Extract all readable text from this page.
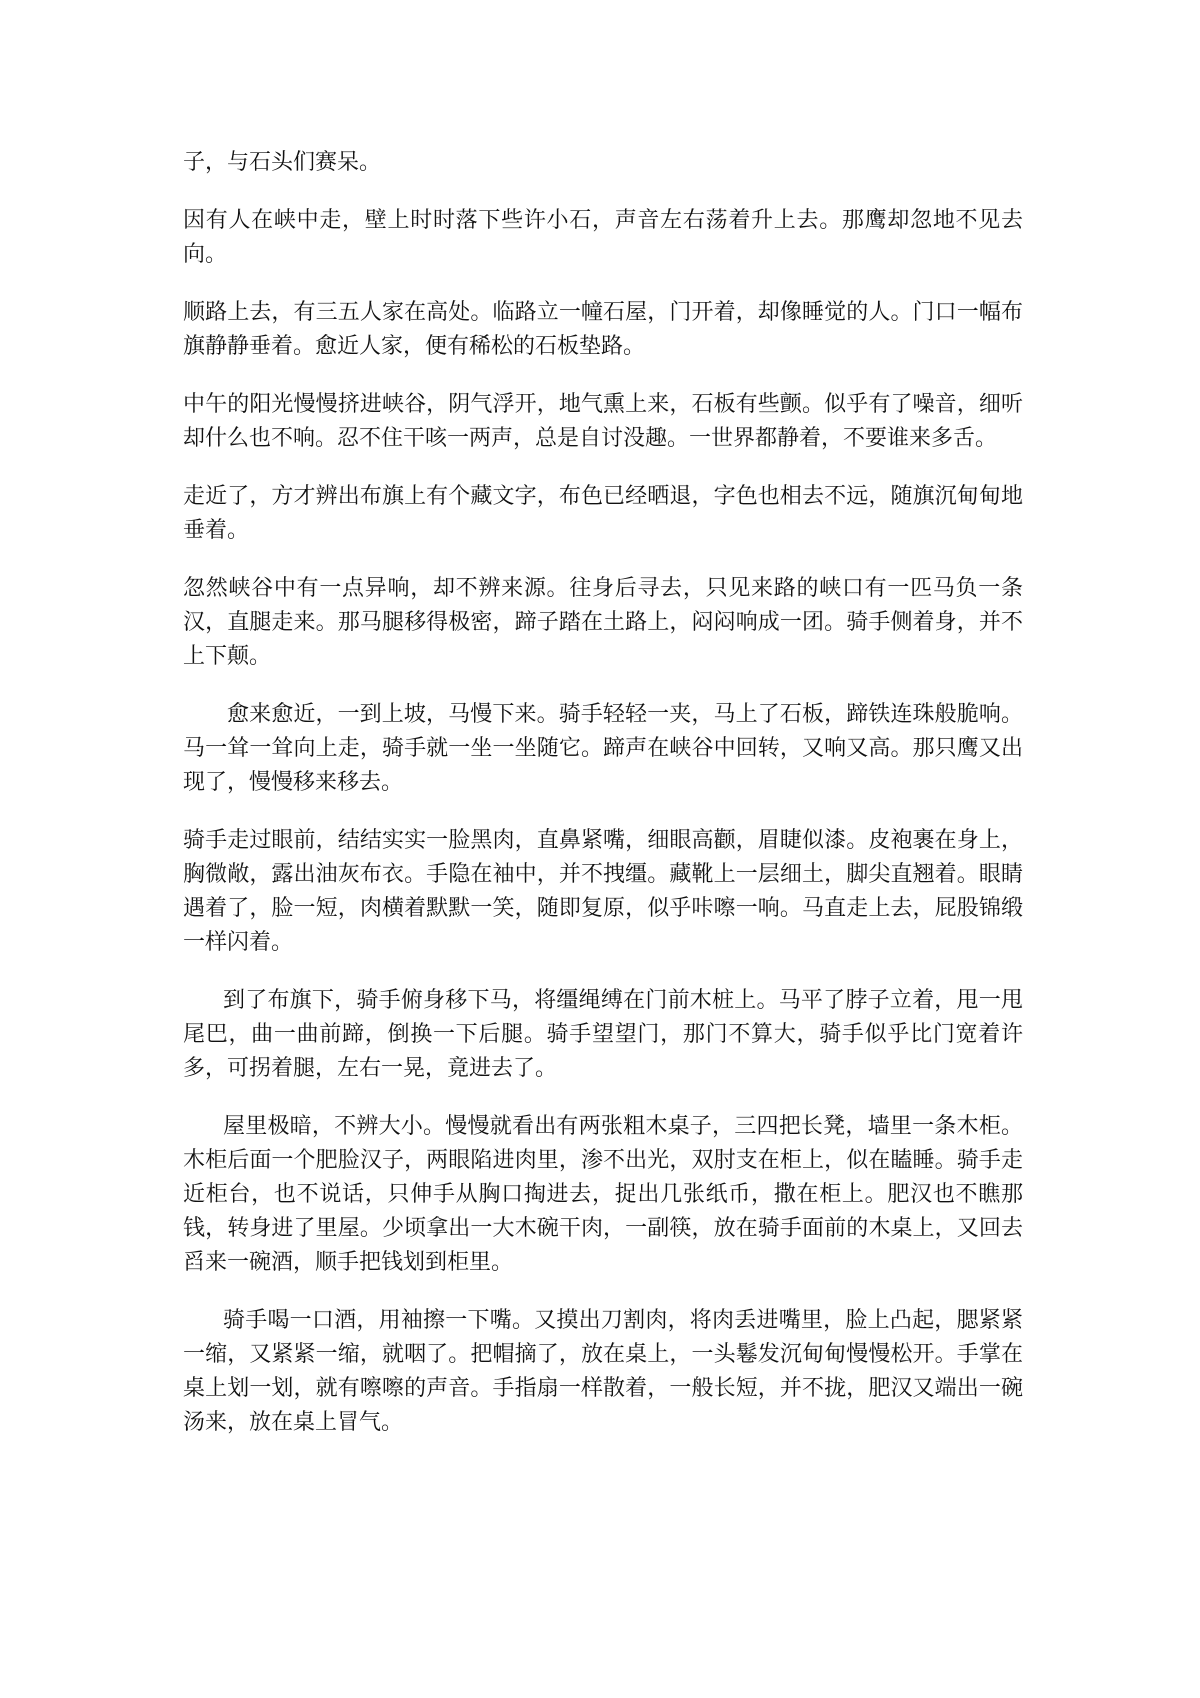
子，与石头们赛呆。

因有人在峡中走，壁上时时落下些许小石，声音左右荡着升上去。那鹰却忽地不见去向。

顺路上去，有三五人家在高处。临路立一幢石屋，门开着，却像睡觉的人。门口一幅布旗静静垂着。愈近人家，便有稀松的石板垫路。

中午的阳光慢慢挤进峡谷，阴气浮开，地气熏上来，石板有些颤。似乎有了噪音，细听却什么也不响。忍不住干咳一两声，总是自讨没趣。一世界都静着，不要谁来多舌。

走近了，方才辨出布旗上有个藏文字，布色已经晒退，字色也相去不远，随旗沉甸甸地垂着。

忽然峡谷中有一点异响，却不辨来源。往身后寻去，只见来路的峡口有一匹马负一条汉，直腿走来。那马腿移得极密，蹄子踏在土路上，闷闷响成一团。骑手侧着身，并不上下颠。

愈来愈近，一到上坡，马慢下来。骑手轻轻一夹，马上了石板，蹄铁连珠般脆响。马一耸一耸向上走，骑手就一坐一坐随它。蹄声在峡谷中回转，又响又高。那只鹰又出现了，慢慢移来移去。

骑手走过眼前，结结实实一脸黑肉，直鼻紧嘴，细眼高颧，眉睫似漆。皮袍裹在身上，胸微敞，露出油灰布衣。手隐在袖中，并不拽缰。藏靴上一层细土，脚尖直翘着。眼睛遇着了，脸一短，肉横着默默一笑，随即复原，似乎咔嚓一响。马直走上去，屁股锦缎一样闪着。

到了布旗下，骑手俯身移下马，将缰绳缚在门前木桩上。马平了脖子立着，甩一甩尾巴，曲一曲前蹄，倒换一下后腿。骑手望望门，那门不算大，骑手似乎比门宽着许多，可拐着腿，左右一晃，竟进去了。

屋里极暗，不辨大小。慢慢就看出有两张粗木桌子，三四把长凳，墙里一条木柜。木柜后面一个肥脸汉子，两眼陷进肉里，渗不出光，双肘支在柜上，似在瞌睡。骑手走近柜台，也不说话，只伸手从胸口掏进去，捉出几张纸币，撒在柜上。肥汉也不瞧那钱，转身进了里屋。少顷拿出一大木碗干肉，一副筷，放在骑手面前的木桌上，又回去舀来一碗酒，顺手把钱划到柜里。

骑手喝一口酒，用袖擦一下嘴。又摸出刀割肉，将肉丢进嘴里，脸上凸起，腮紧紧一缩，又紧紧一缩，就咽了。把帽摘了，放在桌上，一头鬈发沉甸甸慢慢松开。手掌在桌上划一划，就有嚓嚓的声音。手指扇一样散着，一般长短，并不拢，肥汉又端出一碗汤来，放在桌上冒气。
